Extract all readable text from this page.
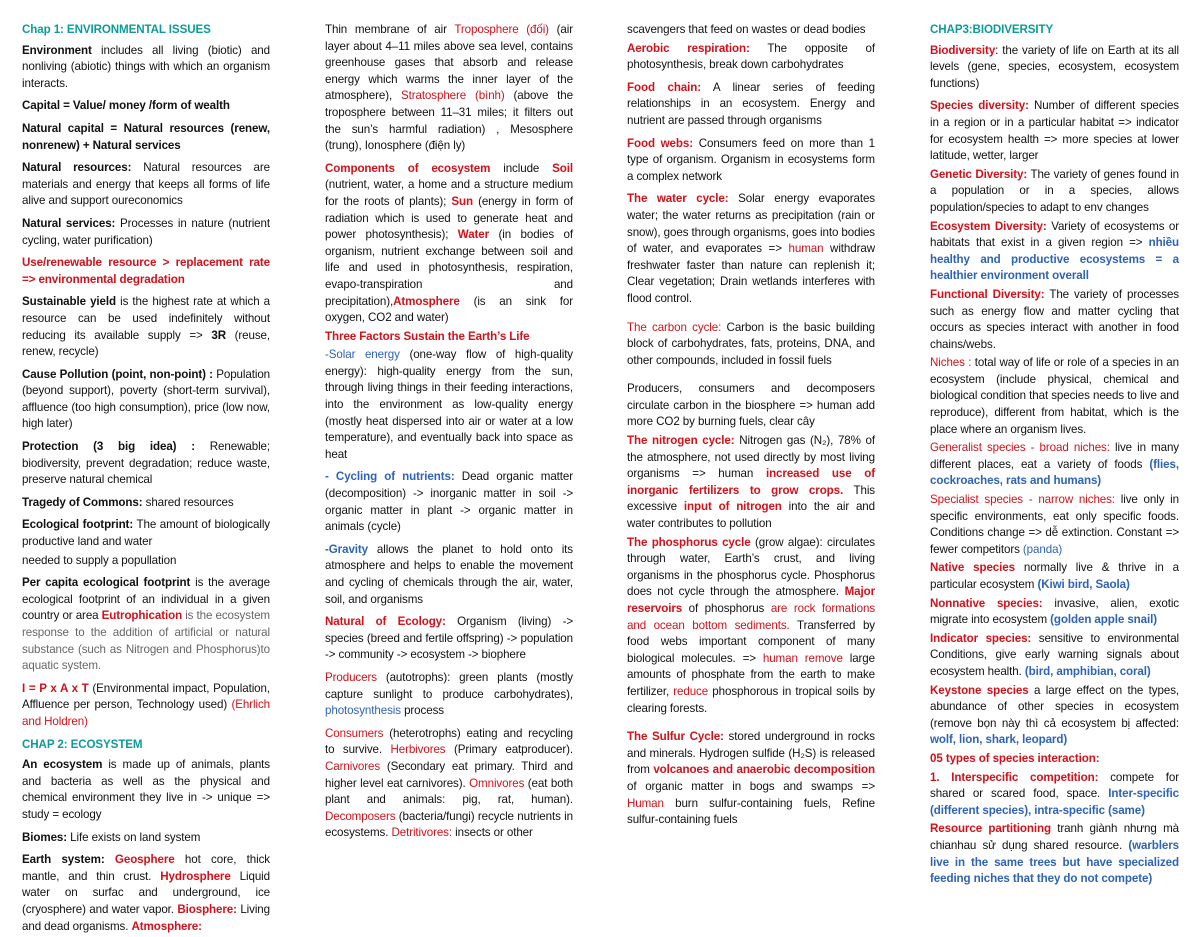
Chap 1: ENVIRONMENTAL ISSUES

Environment includes all living (biotic) and nonliving (abiotic) things with which an organism interacts.

Capital = Value/ money /form of wealth

Natural capital = Natural resources (renew, nonrenew) + Natural services

Natural resources: Natural resources are materials and energy that keeps all forms of life alive and support oureconomics

Natural services: Processes in nature (nutrient cycling, water purification)

Use/renewable resource > replacement rate => environmental degradation

Sustainable yield is the highest rate at which a resource can be used indefinitely without reducing its available supply => 3R (reuse, renew, recycle)

Cause Pollution (point, non-point) : Population (beyond support), poverty (short-term survival), affluence (too high consumption), price (low now, high later)

Protection (3 big idea) : Renewable; biodiversity, prevent degradation; reduce waste, preserve natural chemical

Tragedy of Commons: shared resources

Ecological footprint: The amount of biologically productive land and water

needed to supply a popullation

Per capita ecological footprint is the average ecological footprint of an individual in a given country or area Eutrophication is the ecosystem response to the addition of artificial or natural substance (such as Nitrogen and Phosphorus)to aquatic system.

I = P x A x T (Environmental impact, Population, Affluence per person, Technology used) (Ehrlich and Holdren)

CHAP 2: ECOSYSTEM

An ecosystem is made up of animals, plants and bacteria as well as the physical and chemical environment they live in -> unique => study = ecology

Biomes: Life exists on land system

Earth system: Geosphere hot core, thick mantle, and thin crust. Hydrosphere Liquid water on surfac and underground, ice (cryosphere) and water vapor. Biosphere: Living and dead organisms. Atmosphere:

Thin membrane of air Troposphere (đối) (air layer about 4–11 miles above sea level, contains greenhouse gases that absorb and release energy which warms the inner layer of the atmosphere), Stratosphere (bình) (above the troposphere between 11–31 miles; it filters out the sun’s harmful radiation) , Mesosphere (trung), Ionosphere (điện ly)

Components of ecosystem include Soil (nutrient, water, a home and a structure medium for the roots of plants); Sun (energy in form of radiation which is used to generate heat and power photosynthesis); Water (in bodies of organism, nutrient exchange between soil and life and used in photosynthesis, respiration, evapo-transpiration and precipitation),Atmosphere (is an sink for oxygen, CO2 and water)

Three Factors Sustain the Earth’s Life

-Solar energy (one-way flow of high-quality energy): high-quality energy from the sun, through living things in their feeding interactions, into the environment as low-quality energy (mostly heat dispersed into air or water at a low temperature), and eventually back into space as heat

- Cycling of nutrients: Dead organic matter (decomposition) -> inorganic matter in soil -> organic matter in plant -> organic matter in animals (cycle)

-Gravity allows the planet to hold onto its atmosphere and helps to enable the movement and cycling of chemicals through the air, water, soil, and organisms

Natural of Ecology: Organism (living) -> species (breed and fertile offspring) -> population -> community -> ecosystem -> biophere

Producers (autotrophs): green plants (mostly capture sunlight to produce carbohydrates), photosynthesis process

Consumers (heterotrophs) eating and recycling to survive. Herbivores (Primary eatproducer). Carnivores (Secondary eat primary. Third and higher level eat carnivores). Omnivores (eat both plant and animals: pig, rat, human). Decomposers (bacteria/fungi) recycle nutrients in ecosystems. Detritivores: insects or other

scavengers that feed on wastes or dead bodies

Aerobic respiration: The opposite of photosynthesis, break down carbohydrates

Food chain: A linear series of feeding relationships in an ecosystem. Energy and nutrient are passed through organisms

Food webs: Consumers feed on more than 1 type of organism. Organism in ecosystems form a complex network

The water cycle: Solar energy evaporates water; the water returns as precipitation (rain or snow), goes through organisms, goes into bodies of water, and evaporates => human withdraw freshwater faster than nature can replenish it; Clear vegetation; Drain wetlands interferes with flood control.

The carbon cycle: Carbon is the basic building block of carbohydrates, fats, proteins, DNA, and other compounds, included in fossil fuels

Producers, consumers and decomposers circulate carbon in the biosphere => human add more CO2 by burning fuels, clear cây

The nitrogen cycle: Nitrogen gas (N₂), 78% of the atmosphere, not used directly by most living organisms => human increased use of inorganic fertilizers to grow crops. This excessive input of nitrogen into the air and water contributes to pollution

The phosphorus cycle (grow algae): circulates through water, Earth’s crust, and living organisms in the phosphorus cycle. Phosphorus does not cycle through the atmosphere. Major reservoirs of phosphorus are rock formations and ocean bottom sediments. Transferred by food webs important component of many biological molecules. => human remove large amounts of phosphate from the earth to make fertilizer, reduce phosphorous in tropical soils by clearing forests.

The Sulfur Cycle: stored underground in rocks and minerals. Hydrogen sulfide (H₂S) is released from volcanoes and anaerobic decomposition of organic matter in bogs and swamps => Human burn sulfur-containing fuels, Refine sulfur-containing fuels

CHAP3:BIODIVERSITY

Biodiversity: the variety of life on Earth at its all levels (gene, species, ecosystem, ecosystem functions)

Species diversity: Number of different species in a region or in a particular habitat => indicator for ecosystem health => more species at lower latitude, wetter, larger

Genetic Diversity: The variety of genes found in a population or in a species, allows population/species to adapt to env changes

Ecosystem Diversity: Variety of ecosystems or habitats that exist in a given region => nhiều healthy and productive ecosystems = a healthier environment overall

Functional Diversity: The variety of processes such as energy flow and matter cycling that occurs as species interact with another in food chains/webs.

Niches : total way of life or role of a species in an ecosystem (include physical, chemical and biological condition that species needs to live and reproduce), different from habitat, which is the place where an organism lives.

Generalist species - broad niches: live in many different places, eat a variety of foods (flies, cockroaches, rats and humans)

Specialist species - narrow niches: live only in specific environments, eat only specific foods. Conditions change => dễ extinction. Constant => fewer competitors (panda)

Native species normally live & thrive in a particular ecosystem (Kiwi bird, Saola)

Nonnative species: invasive, alien, exotic migrate into ecosystem (golden apple snail)

Indicator species: sensitive to environmental Conditions, give early warning signals about ecosystem health. (bird, amphibian, coral)

Keystone species a large effect on the types, abundance of other species in ecosystem (remove bọn này thì cả ecosystem bị affected: wolf, lion, shark, leopard)

05 types of species interaction:

1. Interspecific competition: compete for shared or scared food, space. Inter-specific (different species), intra-specific (same)

Resource partitioning tranh giành nhưng mà chianhau sử dụng shared resource. (warblers live in the same trees but have specialized feeding niches that they do not compete)
